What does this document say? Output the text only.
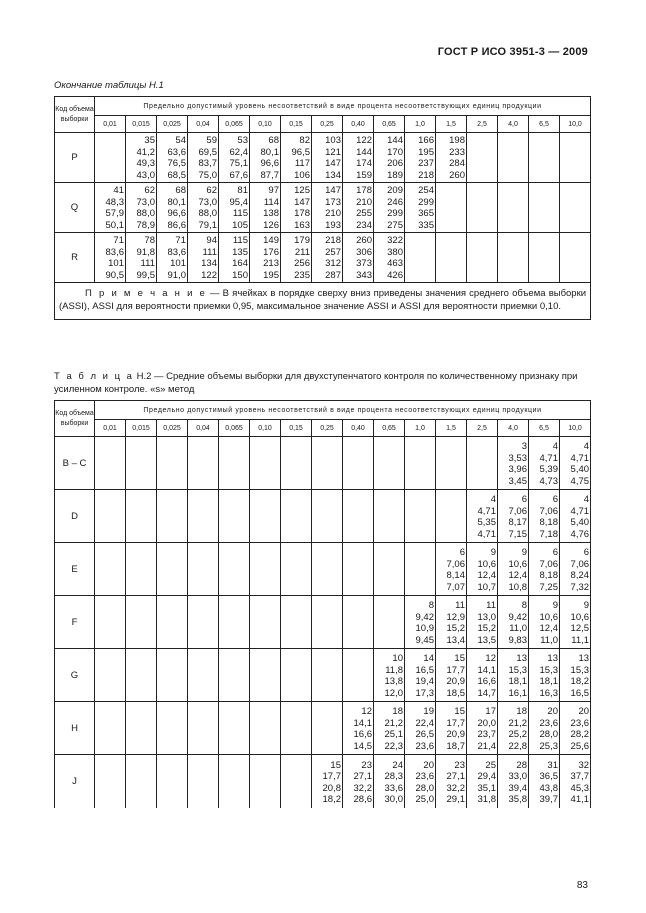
ГОСТ Р ИСО 3951-3 — 2009
Окончание таблицы Н.1
Код объема выборки	Предельно допустимый уровень несоответствий в виде процента несоответствующих единиц продукции															
	0,01	0,015	0,025	0,04	0,065	0,10	0,15	0,25	0,40	0,65	1,0	1,5	2,5	4,0	6,5	10,0
P		35
41,2
49,3
43,0	54
63,6
76,5
68,5	59
69,5
83,7
75,0	53
62,4
75,1
67,6	68
80,1
96,6
87,7	82
96,5
117
106	103
121
147
134	122
144
174
159	144
170
206
189	166
195
237
218	198
233
284
260				
Q	41
48,3
57,9
50,1	62
73,0
88,0
78,9	68
80,1
96,6
86,6	62
73,0
88,0
79,1	81
95,4
115
105	97
114
138
126	125
147
178
163	147
173
210
193	178
210
255
234	209
246
299
275	254
299
365
335					
R	71
83,6
101
90,5	78
91,8
111
99,5	71
83,6
101
91,0	94
111
134
122	115
135
164
150	149
176
213
195	179
211
256
235	218
257
312
287	260
306
373
343	322
380
463
426						
П р и м е ч а н и е — В ячейках в порядке сверху вниз приведены значения среднего объема выборки (ASSI), ASSI для вероятности приемки 0,95, максимальное значение ASSI и ASSI для вероятности приемки 0,10.																
Т а б л и ц а Н.2 — Средние объемы выборки для двухступенчатого контроля по количественному признаку при усиленном контроле. «s» метод
Код объема выборки	Предельно допустимый уровень несоответствий в виде процента несоответствующих единиц продукции															
	0,01	0,015	0,025	0,04	0,065	0,10	0,15	0,25	0,40	0,65	1,0	1,5	2,5	4,0	6,5	10,0
B – C														3
3,53
3,96
3,45	4
4,71
5,39
4,73	4
4,71
5,40
4,75
D													4
4,71
5,35
4,71	6
7,06
8,17
7,15	6
7,06
8,18
7,18	4
4,71
5,40
4,76
E												6
7,06
8,14
7,07	9
10,6
12,4
10,7	9
10,6
12,4
10,8	6
7,06
8,18
7,25	6
7,06
8,24
7,32
F											8
9,42
10,9
9,45	11
12,9
15,2
13,4	11
13,0
15,2
13,5	8
9,42
11,0
9,83	9
10,6
12,4
11,0	9
10,6
12,5
11,1
G										10
11,8
13,8
12,0	14
16,5
19,4
17,3	15
17,7
20,9
18,5	12
14,1
16,6
14,7	13
15,3
18,1
16,1	13
15,3
18,1
16,3	13
15,3
18,2
16,5
H									12
14,1
16,6
14,5	18
21,2
25,1
22,3	19
22,4
26,5
23,6	15
17,7
20,9
18,7	17
20,0
23,7
21,4	18
21,2
25,2
22,8	20
23,6
28,0
25,3	20
23,6
28,2
25,6
J								15
17,7
20,8
18,2	23
27,1
32,2
28,6	24
28,3
33,6
30,0	20
23,6
28,0
25,0	23
27,1
32,2
29,1	25
29,4
35,1
31,8	28
33,0
39,4
35,8	31
36,5
43,8
39,7	32
37,7
45,3
41,1
83
